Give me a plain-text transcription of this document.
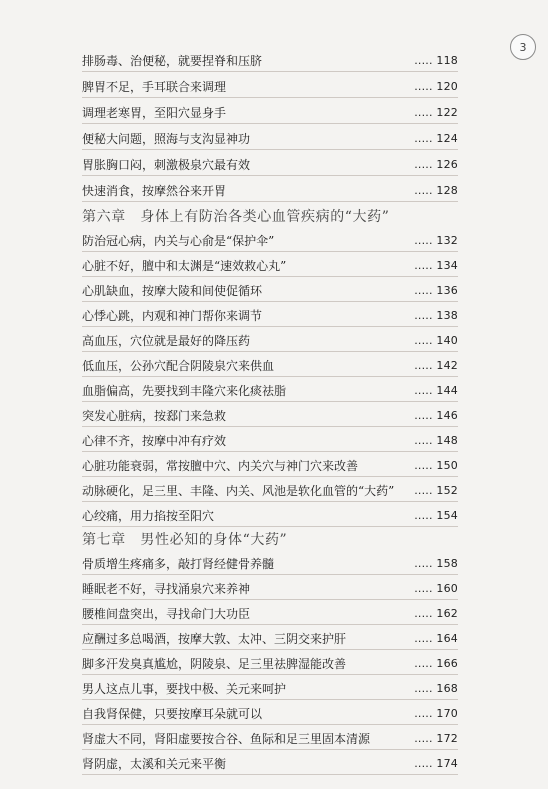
3
排肠毒、治便秘，就要捏脊和压脐	..... 118
脾胃不足，手耳联合来调理	..... 120
调理老寒胃，至阳穴显身手	..... 122
便秘大问题，照海与支沟显神功	..... 124
胃胀胸口闷，刺激极泉穴最有效	..... 126
快速消食，按摩然谷来开胃	..... 128
第六章　身体上有防治各类心血管疾病的“大药”
防治冠心病，内关与心俞是“保护伞”	..... 132
心脏不好，膻中和太渊是“速效救心丸”	..... 134
心肌缺血，按摩大陵和间使促循环	..... 136
心悸心跳，内观和神门帮你来调节	..... 138
高血压，穴位就是最好的降压药	..... 140
低血压，公孙穴配合阴陵泉穴来供血	..... 142
血脂偏高，先要找到丰隆穴来化痰祛脂	..... 144
突发心脏病，按郄门来急救	..... 146
心律不齐，按摩中冲有疗效	..... 148
心脏功能衰弱，常按膻中穴、内关穴与神门穴来改善	..... 150
动脉硬化，足三里、丰隆、内关、风池是软化血管的“大药” ..... 152
心绞痛，用力掐按至阳穴	..... 154
第七章　男性必知的身体“大药”
骨质增生疼痛多，敲打肾经健骨养髓	..... 158
睡眠老不好，寻找涌泉穴来养神	..... 160
腰椎间盘突出，寻找命门大功臣	..... 162
应酬过多总喝酒，按摩大敦、太冲、三阴交来护肝	..... 164
脚多汗发臭真尴尬，阴陵泉、足三里祛脾湿能改善	..... 166
男人这点儿事，要找中极、关元来呵护	..... 168
自我肾保健，只要按摩耳朵就可以	..... 170
肾虚大不同，肾阳虚要按合谷、鱼际和足三里固本清源	..... 172
肾阴虚，太溪和关元来平衡	..... 174
